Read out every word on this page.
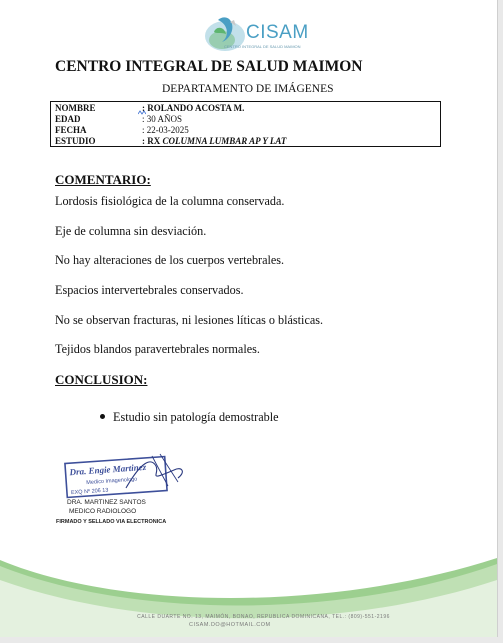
CISAM
CENTRO INTEGRAL DE SALUD MAIMON
CENTRO INTEGRAL DE SALUD MAIMON
DEPARTAMENTO DE IMÁGENES
NOMBRE	: ROLANDO ACOSTA M.
EDAD	: 30 AÑOS
FECHA	: 22-03-2025
ESTUDIO	: RX COLUMNA LUMBAR AP Y LAT
COMENTARIO:
Lordosis fisiológica de la columna conservada.
Eje de columna sin desviación.
No hay alteraciones de los cuerpos vertebrales.
Espacios intervertebrales conservados.
No se observan fracturas, ni lesiones líticas o blásticas.
Tejidos blandos paravertebrales normales.
CONCLUSION:
Estudio sin patología demostrable
Dra. Engie Martinez
Medico Imagenologo
EXQ Nº 206 13
DRA. MARTINEZ SANTOS
MEDICO RADIOLOGO
FIRMADO Y SELLADO VIA ELECTRONICA
CALLE DUARTE NO. 13, MAIMÓN, BONAO, REPUBLICA DOMINICANA, TEL.: (809)-551-2196
CISAM.DO@HOTMAIL.COM
